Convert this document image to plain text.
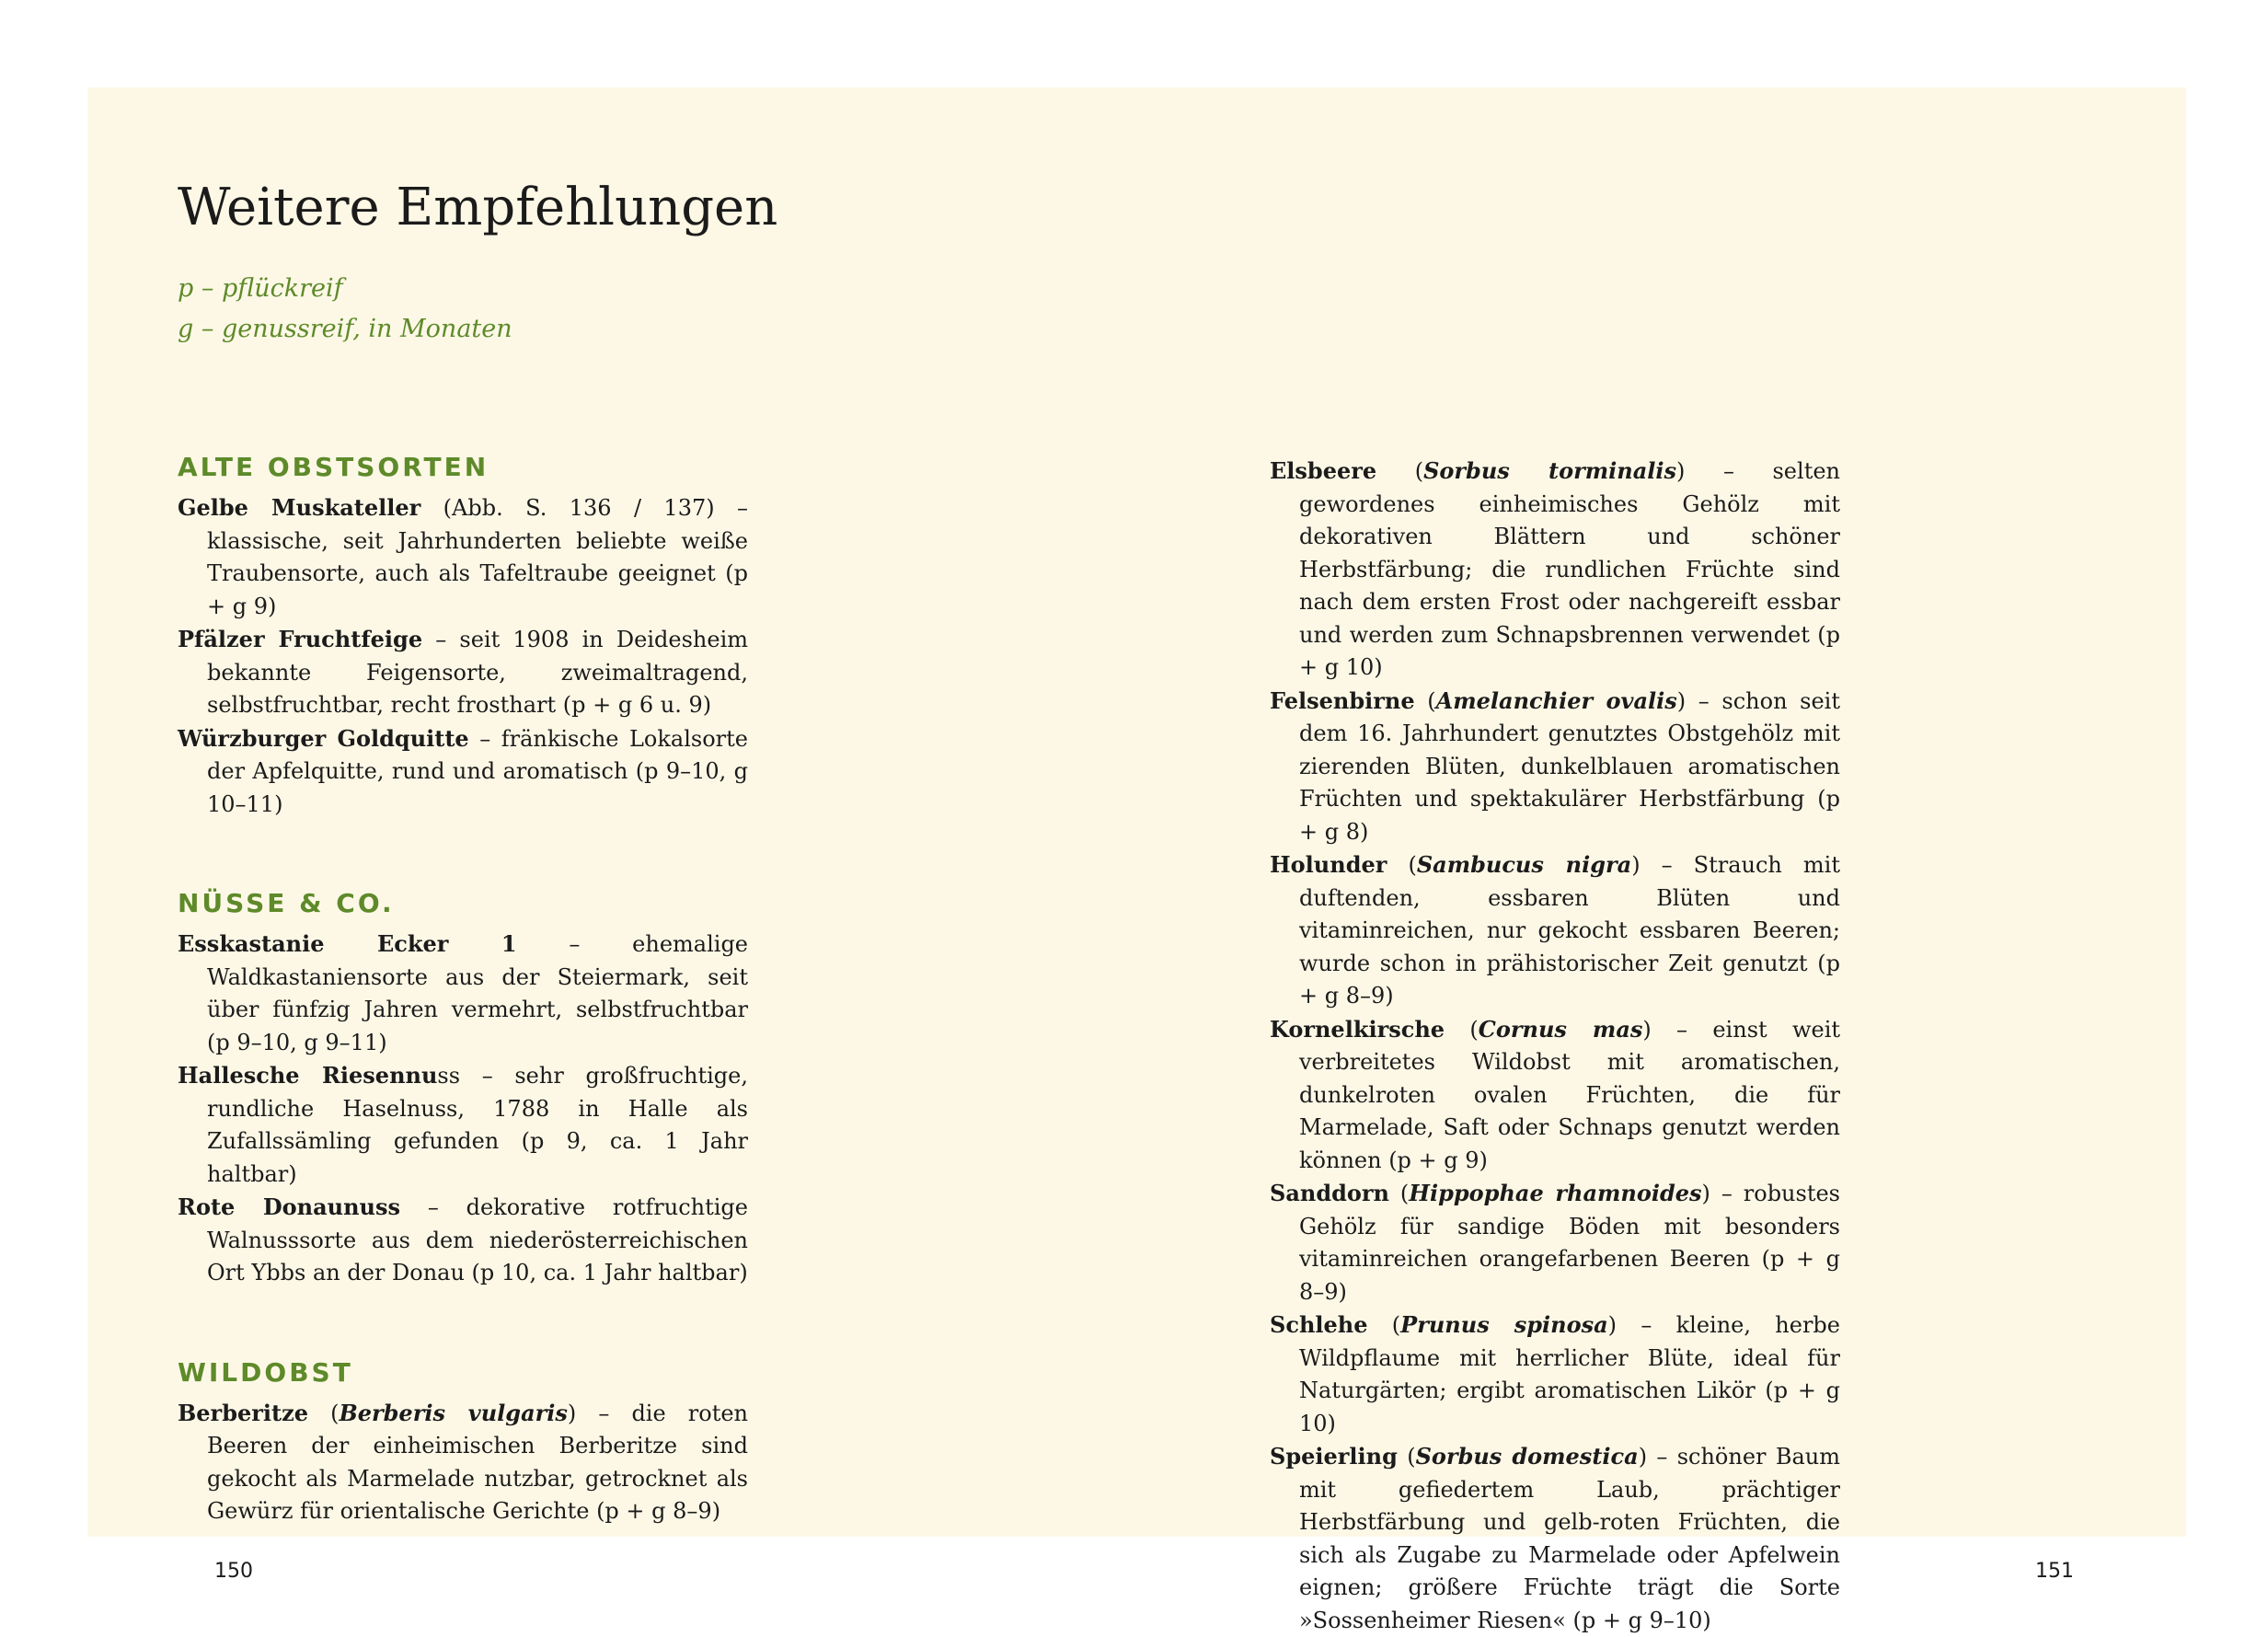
Weitere Empfehlungen
p – pflückreif
g – genussreif, in Monaten
ALTE OBSTSORTEN
Gelbe Muskateller (Abb. S. 136 / 137) – klassische, seit Jahrhunderten beliebte weiße Traubensorte, auch als Tafeltraube geeignet (p + g 9)
Pfälzer Fruchtfeige – seit 1908 in Deidesheim bekannte Feigensorte, zweimaltragend, selbstfruchtbar, recht frosthart (p + g 6 u. 9)
Würzburger Goldquitte – fränkische Lokalsorte der Apfelquitte, rund und aromatisch (p 9–10, g 10–11)
NÜSSE & CO.
Esskastanie Ecker 1 – ehemalige Waldkastaniensorte aus der Steiermark, seit über fünfzig Jahren vermehrt, selbstfruchtbar (p 9–10, g 9–11)
Hallesche Riesennuss – sehr großfruchtige, rundliche Haselnuss, 1788 in Halle als Zufallssämling gefunden (p 9, ca. 1 Jahr haltbar)
Rote Donaunuss – dekorative rotfruchtige Walnusssorte aus dem niederösterreichischen Ort Ybbs an der Donau (p 10, ca. 1 Jahr haltbar)
WILDOBST
Berberitze (Berberis vulgaris) – die roten Beeren der einheimischen Berberitze sind gekocht als Marmelade nutzbar, getrocknet als Gewürz für orientalische Gerichte (p + g 8–9)
Elsbeere (Sorbus torminalis) – selten gewordenes einheimisches Gehölz mit dekorativen Blättern und schöner Herbstfärbung; die rundlichen Früchte sind nach dem ersten Frost oder nachgereift essbar und werden zum Schnapsbrennen verwendet (p + g 10)
Felsenbirne (Amelanchier ovalis) – schon seit dem 16. Jahrhundert genutztes Obstgehölz mit zierenden Blüten, dunkelblauen aromatischen Früchten und spektakulärer Herbstfärbung (p + g 8)
Holunder (Sambucus nigra) – Strauch mit duftenden, essbaren Blüten und vitaminreichen, nur gekocht essbaren Beeren; wurde schon in prähistorischer Zeit genutzt (p + g 8–9)
Kornelkirsche (Cornus mas) – einst weit verbreitetes Wildobst mit aromatischen, dunkelroten ovalen Früchten, die für Marmelade, Saft oder Schnaps genutzt werden können (p + g 9)
Sanddorn (Hippophae rhamnoides) – robustes Gehölz für sandige Böden mit besonders vitaminreichen orangefarbenen Beeren (p + g 8–9)
Schlehe (Prunus spinosa) – kleine, herbe Wildpflaume mit herrlicher Blüte, ideal für Naturgärten; ergibt aromatischen Likör (p + g 10)
Speierling (Sorbus domestica) – schöner Baum mit gefiedertem Laub, prächtiger Herbstfärbung und gelb-roten Früchten, die sich als Zugabe zu Marmelade oder Apfelwein eignen; größere Früchte trägt die Sorte »Sossenheimer Riesen« (p + g 9–10)
150	151
